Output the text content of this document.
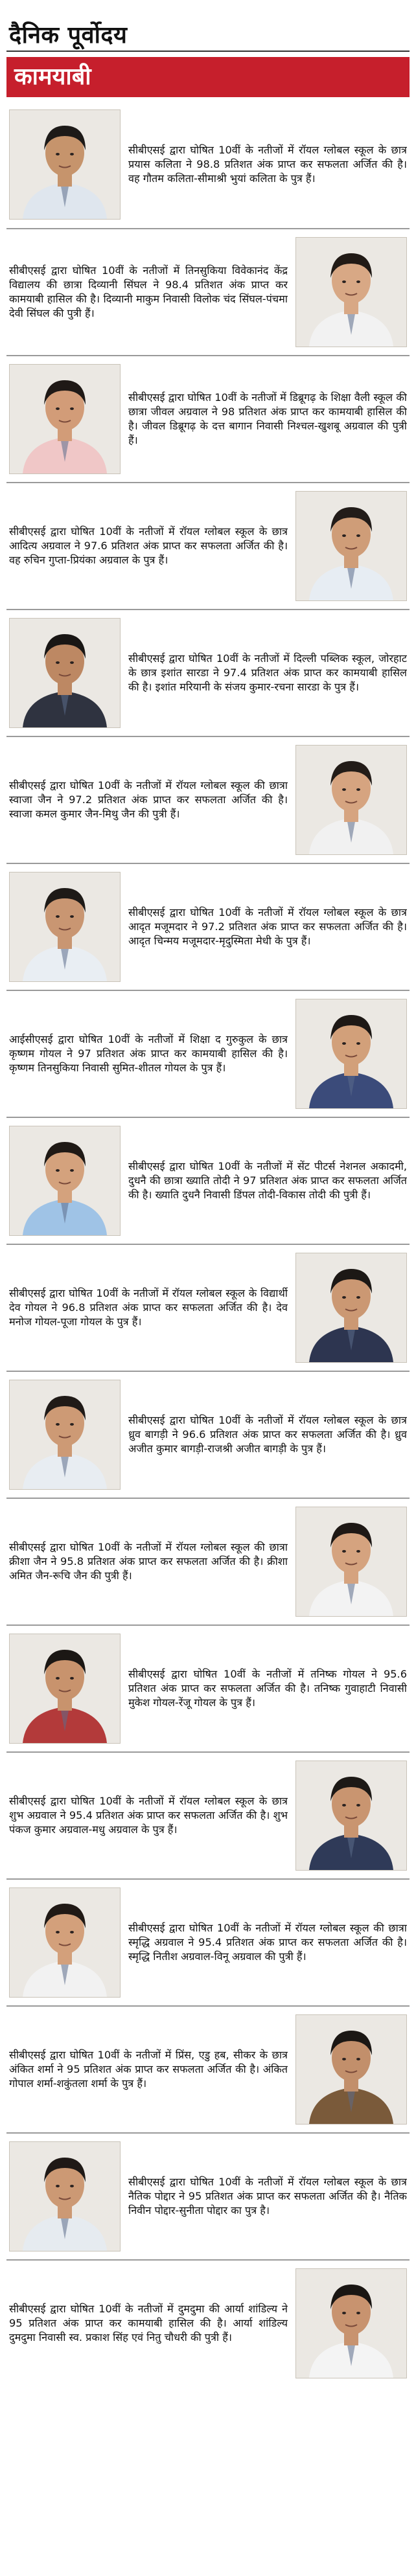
दैनिक पूर्वोदय
कामयाबी
सीबीएसई द्वारा घोषित 10वीं के नतीजों में रॉयल ग्लोबल स्कूल के छात्र प्रयास कलिता ने 98.8 प्रतिशत अंक प्राप्त कर सफलता अर्जित की है। वह गौतम कलिता-सीमाश्री भुयां कलिता के पुत्र हैं।
सीबीएसई द्वारा घोषित 10वीं के नतीजों में तिनसुकिया विवेकानंद केंद्र विद्यालय की छात्रा दिव्यानी सिंघल ने 98.4 प्रतिशत अंक प्राप्त कर कामयाबी हासिल की है। दिव्यानी माकुम निवासी विलोक चंद सिंघल-पंचमा देवी सिंघल की पुत्री हैं।
सीबीएसई द्वारा घोषित 10वीं के नतीजों में डिब्रूगढ़ के शिक्षा वैली स्कूल की छात्रा जीवल अग्रवाल ने 98 प्रतिशत अंक प्राप्त कर कामयाबी हासिल की है। जीवल डिब्रूगढ़ के दत्त बागान निवासी निश्चल-खुशबू अग्रवाल की पुत्री हैं।
सीबीएसई द्वारा घोषित 10वीं के नतीजों में रॉयल ग्लोबल स्कूल के छात्र आदित्य अग्रवाल ने 97.6 प्रतिशत अंक प्राप्त कर सफलता अर्जित की है। वह रुचिन गुप्ता-प्रियंका अग्रवाल के पुत्र हैं।
सीबीएसई द्वारा घोषित 10वीं के नतीजों में दिल्ली पब्लिक स्कूल, जोरहाट के छात्र इशांत सारडा ने 97.4 प्रतिशत अंक प्राप्त कर कामयाबी हासिल की है। इशांत मरियानी के संजय कुमार-रचना सारडा के पुत्र हैं।
सीबीएसई द्वारा घोषित 10वीं के नतीजों में रॉयल ग्लोबल स्कूल की छात्रा स्वाजा जैन ने 97.2 प्रतिशत अंक प्राप्त कर सफलता अर्जित की है। स्वाजा कमल कुमार जैन-मिथु जैन की पुत्री हैं।
सीबीएसई द्वारा घोषित 10वीं के नतीजों में रॉयल ग्लोबल स्कूल के छात्र आदृत मजूमदार ने 97.2 प्रतिशत अंक प्राप्त कर सफलता अर्जित की है। आदृत चिन्मय मजूमदार-मृदुस्मिता मेधी के पुत्र हैं।
आईसीएसई द्वारा घोषित 10वीं के नतीजों में शिक्षा द गुरुकुल के छात्र कृष्णम गोयल ने 97 प्रतिशत अंक प्राप्त कर कामयाबी हासिल की है। कृष्णम तिनसुकिया निवासी सुमित-शीतल गोयल के पुत्र हैं।
सीबीएसई द्वारा घोषित 10वीं के नतीजों में सेंट पीटर्स नेशनल अकादमी, दुधनै की छात्रा ख्याति तोदी ने 97 प्रतिशत अंक प्राप्त कर सफलता अर्जित की है। ख्याति दुधनै निवासी डिंपल तोदी-विकास तोदी की पुत्री हैं।
सीबीएसई द्वारा घोषित 10वीं के नतीजों में रॉयल ग्लोबल स्कूल के विद्यार्थी देव गोयल ने 96.8 प्रतिशत अंक प्राप्त कर सफलता अर्जित की है। देव मनोज गोयल-पूजा गोयल के पुत्र हैं।
सीबीएसई द्वारा घोषित 10वीं के नतीजों में रॉयल ग्लोबल स्कूल के छात्र ध्रुव बागड़ी ने 96.6 प्रतिशत अंक प्राप्त कर सफलता अर्जित की है। ध्रुव अजीत कुमार बागड़ी-राजश्री अजीत बागड़ी के पुत्र हैं।
सीबीएसई द्वारा घोषित 10वीं के नतीजों में रॉयल ग्लोबल स्कूल की छात्रा क्रीशा जैन ने 95.8 प्रतिशत अंक प्राप्त कर सफलता अर्जित की है। क्रीशा अमित जैन-रूचि जैन की पुत्री हैं।
सीबीएसई द्वारा घोषित 10वीं के नतीजों में तनिष्क गोयल ने 95.6 प्रतिशत अंक प्राप्त कर सफलता अर्जित की है। तनिष्क गुवाहाटी निवासी मुकेश गोयल-रेंजू गोयल के पुत्र हैं।
सीबीएसई द्वारा घोषित 10वीं के नतीजों में रॉयल ग्लोबल स्कूल के छात्र शुभ अग्रवाल ने 95.4 प्रतिशत अंक प्राप्त कर सफलता अर्जित की है। शुभ पंकज कुमार अग्रवाल-मधु अग्रवाल के पुत्र हैं।
सीबीएसई द्वारा घोषित 10वीं के नतीजों में रॉयल ग्लोबल स्कूल की छात्रा स्मृद्धि अग्रवाल ने 95.4 प्रतिशत अंक प्राप्त कर सफलता अर्जित की है। स्मृद्धि नितीश अग्रवाल-विनू अग्रवाल की पुत्री हैं।
सीबीएसई द्वारा घोषित 10वीं के नतीजों में प्रिंस, एडु हब, सीकर के छात्र अंकित शर्मा ने 95 प्रतिशत अंक प्राप्त कर सफलता अर्जित की है। अंकित गोपाल शर्मा-शकुंतला शर्मा के पुत्र हैं।
सीबीएसई द्वारा घोषित 10वीं के नतीजों में रॉयल ग्लोबल स्कूल के छात्र नैतिक पोद्दार ने 95 प्रतिशत अंक प्राप्त कर सफलता अर्जित की है। नैतिक निवीन पोद्दार-सुनीता पोद्दार का पुत्र है।
सीबीएसई द्वारा घोषित 10वीं के नतीजों में दुमदुमा की आर्या शांडिल्य ने 95 प्रतिशत अंक प्राप्त कर कामयाबी हासिल की है। आर्या शांडिल्य दुमदुमा निवासी स्व. प्रकाश सिंह एवं नितु चौधरी की पुत्री हैं।
